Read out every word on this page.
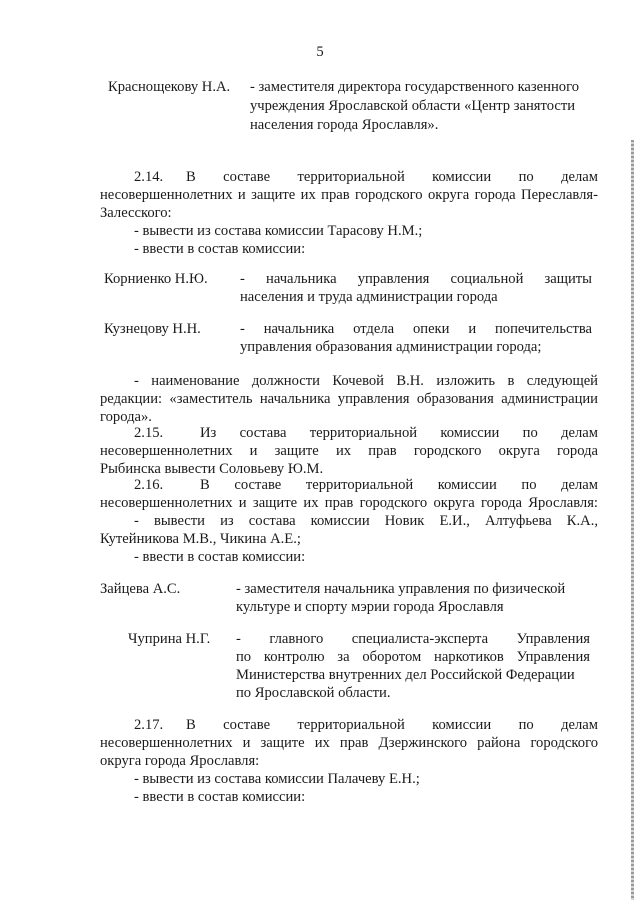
5
Краснощекову Н.А. - заместителя директора государственного казенного
учреждения Ярославской области «Центр занятости
населения города Ярославля».
2.14. В составе территориальной комиссии по делам
несовершеннолетних и защите их прав городского округа города Переславля-
Залесского:
- вывести из состава комиссии Тарасову Н.М.;
- ввести в состав комиссии:
Корниенко Н.Ю. - начальника управления социальной защиты
населения и труда администрации города
Кузнецову Н.Н.	- начальника отдела опеки и попечительства
управления образования администрации города;
- наименование должности Кочевой В.Н. изложить в следующей
редакции: «заместитель начальника управления образования администрации
города».
2.15.	Из состава территориальной комиссии по делам
несовершеннолетних и защите их прав городского округа города
Рыбинска вывести Соловьеву Ю.М.
2.16.	В составе территориальной комиссии по делам
несовершеннолетних и защите их прав городского округа города Ярославля:
- вывести из состава комиссии Новик Е.И., Алтуфьева К.А.,
Кутейникова М.В., Чикина А.Е.;
- ввести в состав комиссии:
Зайцева А.С.	- заместителя начальника управления по физической
культуре и спорту мэрии города Ярославля
Чуприна Н.Г. - главного специалиста-эксперта Управления
по контролю за оборотом наркотиков Управления
Министерства внутренних дел Российской Федерации
по Ярославской области.
2.17. В составе территориальной комиссии по делам
несовершеннолетних и защите их прав Дзержинского района городского
округа города Ярославля:
- вывести из состава комиссии Палачеву Е.Н.;
- ввести в состав комиссии:
